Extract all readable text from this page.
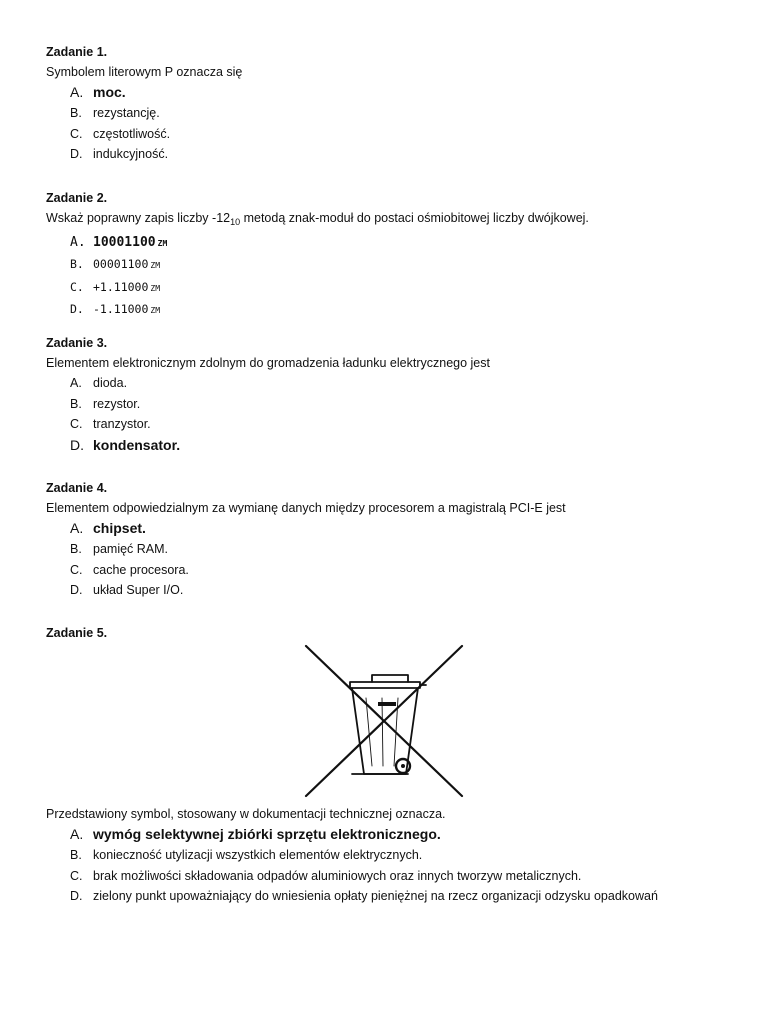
Zadanie 1.
Symbolem literowym P oznacza się
A. moc.
B. rezystancję.
C. częstotliwość.
D. indukcyjność.
Zadanie 2.
Wskaż poprawny zapis liczby $-12_{10}$ metodą znak-moduł do postaci ośmiobitowej liczby dwójkowej.
A. 10001100 ZM
B. 00001100 ZM
C. +1.11000 ZM
D. -1.11000 ZM
Zadanie 3.
Elementem elektronicznym zdolnym do gromadzenia ładunku elektrycznego jest
A. dioda.
B. rezystor.
C. tranzystor.
D. kondensator.
Zadanie 4.
Elementem odpowiedzialnym za wymianę danych między procesorem a magistralą PCI-E jest
A. chipset.
B. pamięć RAM.
C. cache procesora.
D. układ Super I/O.
Zadanie 5.
Przedstawiony symbol, stosowany w dokumentacji technicznej oznacza.
A. wymóg selektywnej zbiórki sprzętu elektronicznego.
B. konieczność utylizacji wszystkich elementów elektrycznych.
C. brak możliwości składowania odpadów aluminiowych oraz innych tworzyw metalicznych.
D. zielony punkt upoważniający do wniesienia opłaty pieniężnej na rzecz organizacji odzysku opadkowań
